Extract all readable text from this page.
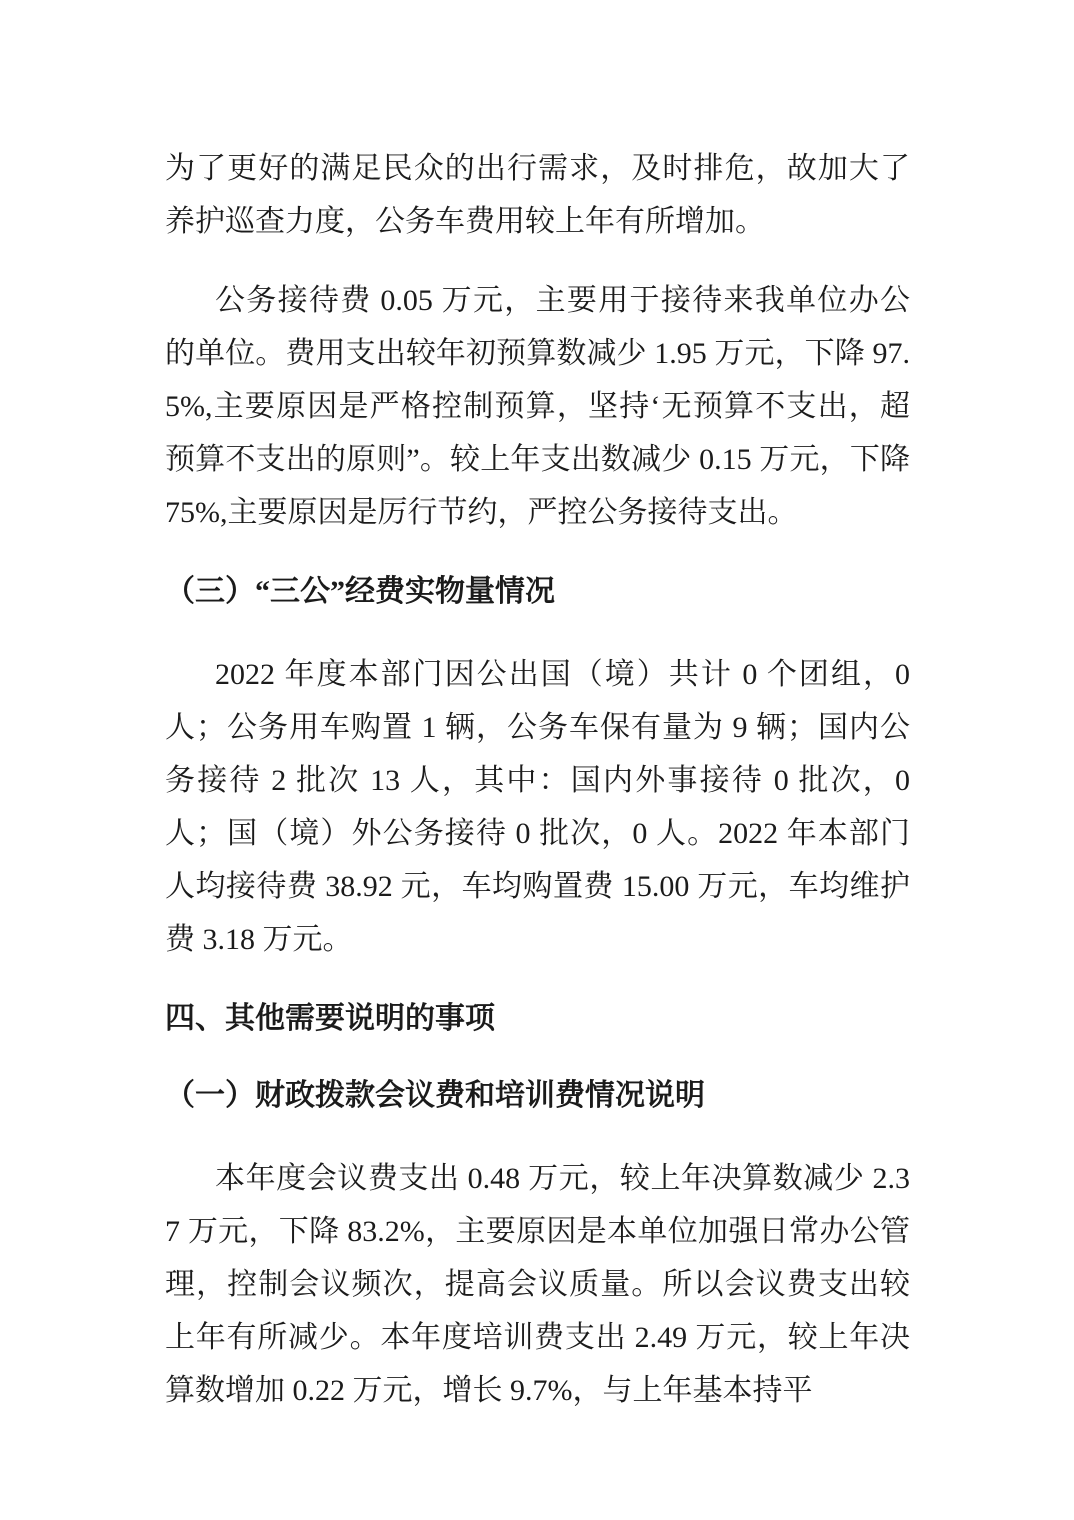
为了更好的满足民众的出行需求，及时排危，故加大了养护巡查力度，公务车费用较上年有所增加。

公务接待费 0.05 万元，主要用于接待来我单位办公的单位。费用支出较年初预算数减少 1.95 万元，下降 97.5%,主要原因是严格控制预算，坚持‘无预算不支出，超预算不支出的原则”。较上年支出数减少 0.15 万元，下降 75%,主要原因是厉行节约，严控公务接待支出。

（三）“三公”经费实物量情况

2022 年度本部门因公出国（境）共计 0 个团组，0 人；公务用车购置 1 辆，公务车保有量为 9 辆；国内公务接待 2 批次 13 人，其中：国内外事接待 0 批次，0 人；国（境）外公务接待 0 批次，0 人。2022 年本部门人均接待费 38.92 元，车均购置费 15.00 万元，车均维护费 3.18 万元。

四、其他需要说明的事项
（一）财政拨款会议费和培训费情况说明

本年度会议费支出 0.48 万元，较上年决算数减少 2.37 万元，下降 83.2%，主要原因是本单位加强日常办公管理，控制会议频次，提高会议质量。所以会议费支出较上年有所减少。本年度培训费支出 2.49 万元，较上年决算数增加 0.22 万元，增长 9.7%，与上年基本持平
